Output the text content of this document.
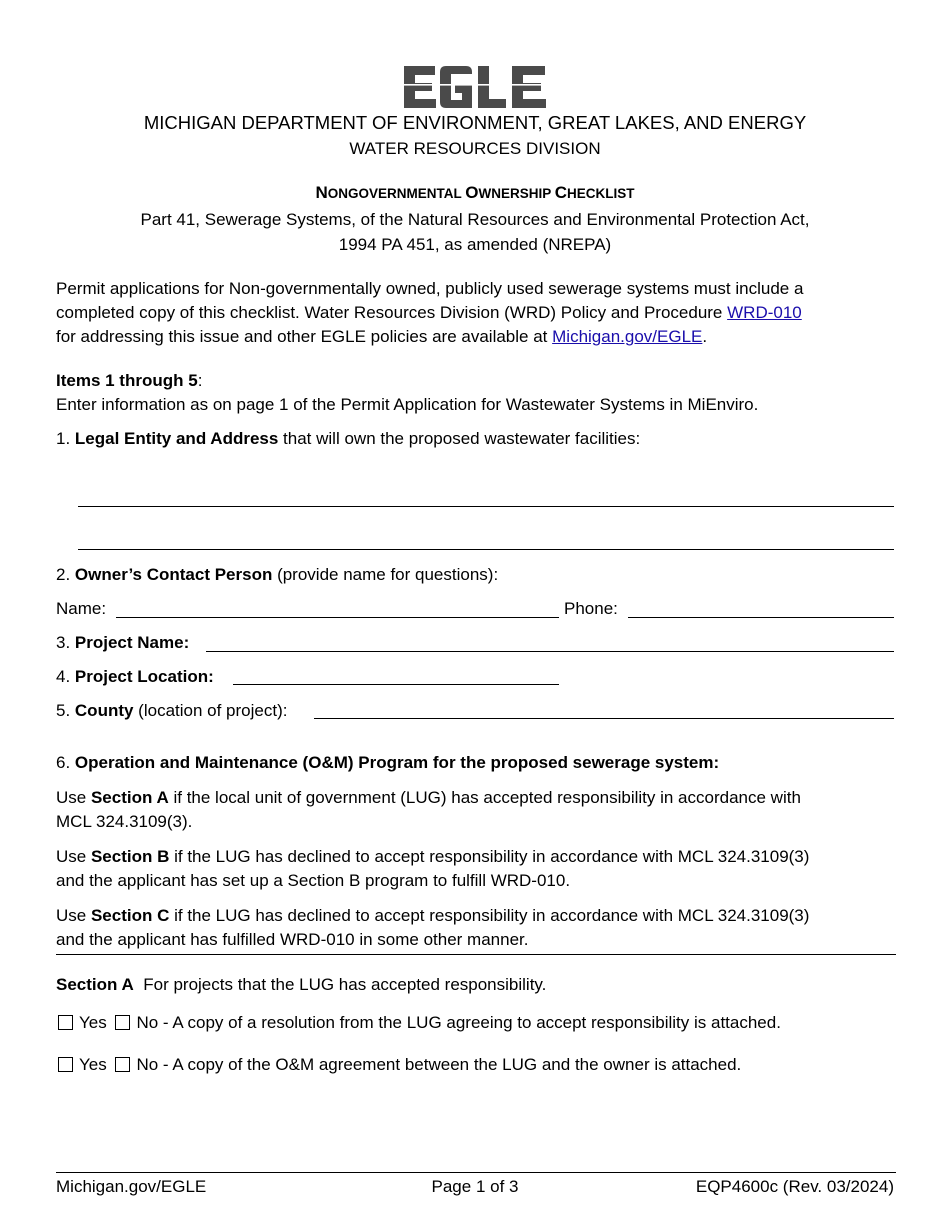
MICHIGAN DEPARTMENT OF ENVIRONMENT, GREAT LAKES, AND ENERGY
WATER RESOURCES DIVISION
NONGOVERNMENTAL OWNERSHIP CHECKLIST
Part 41, Sewerage Systems, of the Natural Resources and Environmental Protection Act,
1994 PA 451, as amended (NREPA)
Permit applications for Non-governmentally owned, publicly used sewerage systems must include a
completed copy of this checklist. Water Resources Division (WRD) Policy and Procedure WRD-010
for addressing this issue and other EGLE policies are available at Michigan.gov/EGLE.
Items 1 through 5:
Enter information as on page 1 of the Permit Application for Wastewater Systems in MiEnviro.
1. Legal Entity and Address that will own the proposed wastewater facilities:
2. Owner’s Contact Person (provide name for questions):
Name:	Phone:
3. Project Name:
4. Project Location:
5. County (location of project):
6. Operation and Maintenance (O&M) Program for the proposed sewerage system:
Use Section A if the local unit of government (LUG) has accepted responsibility in accordance with
MCL 324.3109(3).
Use Section B if the LUG has declined to accept responsibility in accordance with MCL 324.3109(3)
and the applicant has set up a Section B program to fulfill WRD-010.
Use Section C if the LUG has declined to accept responsibility in accordance with MCL 324.3109(3)
and the applicant has fulfilled WRD-010 in some other manner.
Section A  For projects that the LUG has accepted responsibility.
Yes No - A copy of a resolution from the LUG agreeing to accept responsibility is attached.
Yes No - A copy of the O&M agreement between the LUG and the owner is attached.
Michigan.gov/EGLE	Page 1 of 3	EQP4600c (Rev. 03/2024)
